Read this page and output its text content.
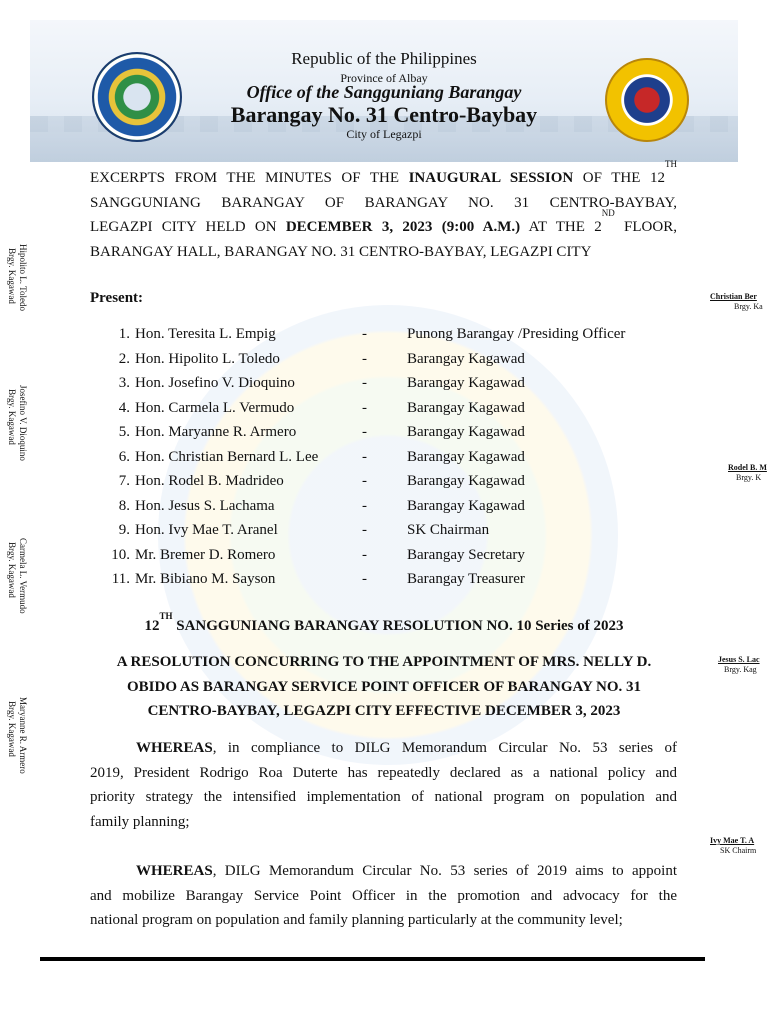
Republic of the Philippines
Province of Albay
Office of the Sangguniang Barangay
Barangay No. 31 Centro-Baybay
City of Legazpi
EXCERPTS FROM THE MINUTES OF THE INAUGURAL SESSION OF THE 12TH
SANGGUNIANG BARANGAY OF BARANGAY NO. 31 CENTRO-BAYBAY,
LEGAZPI CITY HELD ON DECEMBER 3, 2023 (9:00 A.M.) AT THE 2ND FLOOR,
BARANGAY HALL, BARANGAY NO. 31 CENTRO-BAYBAY, LEGAZPI CITY
Present:
1. Hon. Teresita L. Empig	-	Punong Barangay /Presiding Officer
2. Hon. Hipolito L. Toledo	-	Barangay Kagawad
3. Hon. Josefino V. Dioquino	-	Barangay Kagawad
4. Hon. Carmela L. Vermudo	-	Barangay Kagawad
5. Hon. Maryanne R. Armero	-	Barangay Kagawad
6. Hon. Christian Bernard L. Lee	-	Barangay Kagawad
7. Hon. Rodel B. Madrideo	-	Barangay Kagawad
8. Hon. Jesus S. Lachama	-	Barangay Kagawad
9. Hon. Ivy Mae T. Aranel	-	SK Chairman
10. Mr. Bremer D. Romero	-	Barangay Secretary
11. Mr. Bibiano M. Sayson	-	Barangay Treasurer
12TH SANGGUNIANG BARANGAY RESOLUTION NO. 10 Series of 2023
A RESOLUTION CONCURRING TO THE APPOINTMENT OF MRS. NELLY D.
OBIDO AS BARANGAY SERVICE POINT OFFICER OF BARANGAY NO. 31
CENTRO-BAYBAY, LEGAZPI CITY EFFECTIVE DECEMBER 3, 2023
WHEREAS, in compliance to DILG Memorandum Circular No. 53 series of
2019, President Rodrigo Roa Duterte has repeatedly declared as a national policy and
priority strategy the intensified implementation of national program on population and
family planning;
WHEREAS, DILG Memorandum Circular No. 53 series of 2019 aims to appoint
and mobilize Barangay Service Point Officer in the promotion and advocacy for the
national program on population and family planning particularly at the community level;
Hipolito L. Toledo
Brgy. Kagawad
Josefino V. Dioquino
Brgy. Kagawad
Carmela L. Vermudo
Brgy. Kagawad
Maryanne R. Armero
Brgy. Kagawad
Christian Ber
Brgy. Ka
Rodel B. M
Brgy. K
Jesus S. Lac
Brgy. Kag
Ivy Mae T. A
SK Chairm
